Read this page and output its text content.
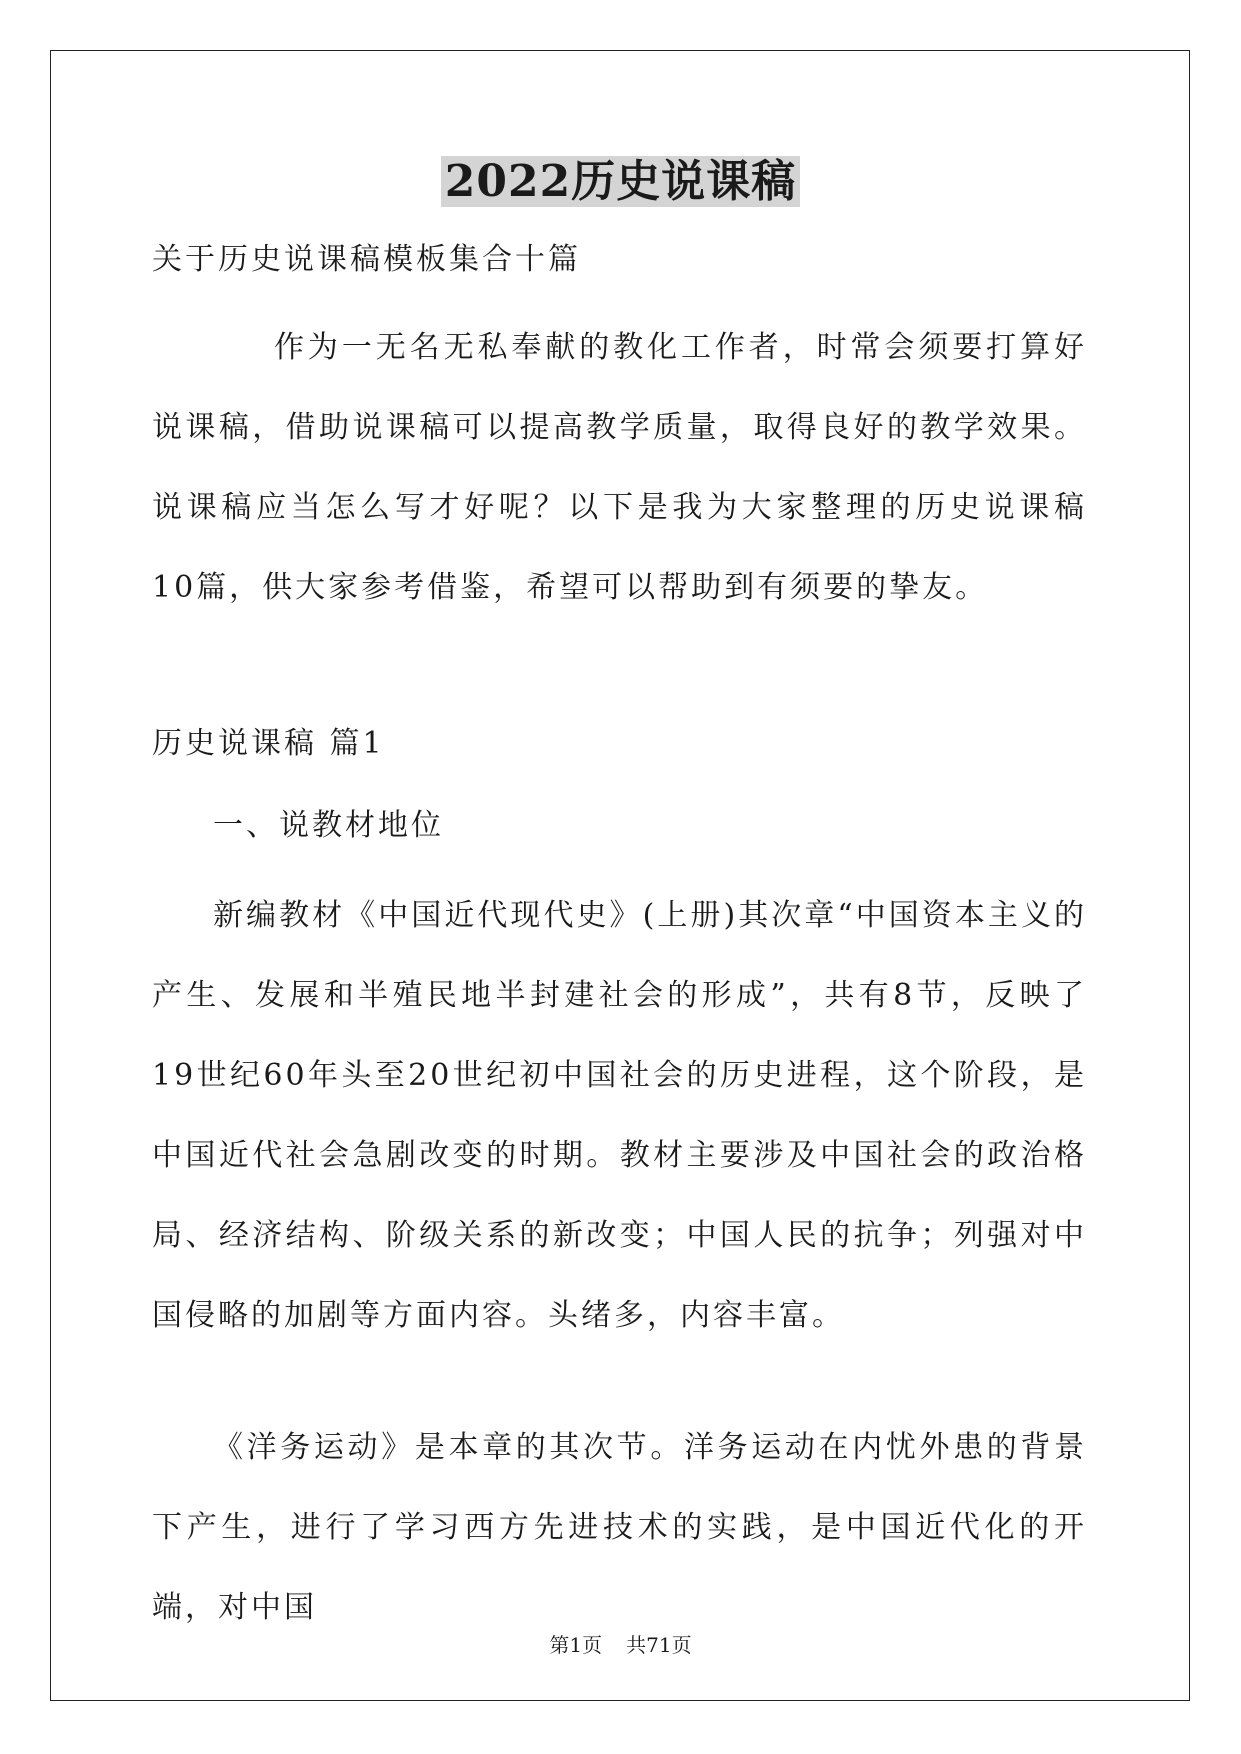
2022历史说课稿
关于历史说课稿模板集合十篇
作为一无名无私奉献的教化工作者，时常会须要打算好说课稿，借助说课稿可以提高教学质量，取得良好的教学效果。说课稿应当怎么写才好呢？以下是我为大家整理的历史说课稿10篇，供大家参考借鉴，希望可以帮助到有须要的挚友。
历史说课稿 篇1
一、说教材地位
新编教材《中国近代现代史》(上册)其次章“中国资本主义的产生、发展和半殖民地半封建社会的形成”，共有8节，反映了19世纪60年头至20世纪初中国社会的历史进程，这个阶段，是中国近代社会急剧改变的时期。教材主要涉及中国社会的政治格局、经济结构、阶级关系的新改变；中国人民的抗争；列强对中国侵略的加剧等方面内容。头绪多，内容丰富。
《洋务运动》是本章的其次节。洋务运动在内忧外患的背景下产生，进行了学习西方先进技术的实践，是中国近代化的开端，对中国
第1页 共71页
